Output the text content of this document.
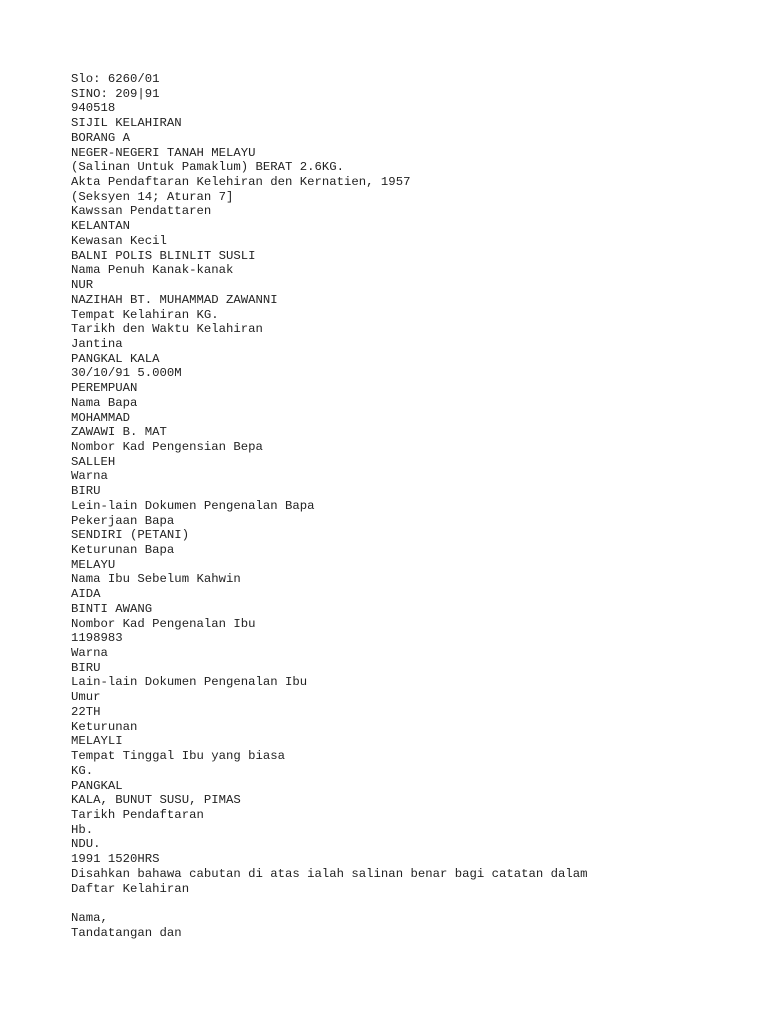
Slo: 6260/01
SINO: 209|91
940518
SIJIL KELAHIRAN
BORANG A
NEGER-NEGERI TANAH MELAYU
(Salinan Untuk Pamaklum) BERAT 2.6KG.
Akta Pendaftaran Kelehiran den Kernatien, 1957
(Seksyen 14; Aturan 7]
Kawssan Pendattaren
KELANTAN
Kewasan Kecil
BALNI POLIS BLINLIT SUSLI
Nama Penuh Kanak-kanak
NUR
NAZIHAH BT. MUHAMMAD ZAWANNI
Tempat Kelahiran KG.
Tarikh den Waktu Kelahiran
Jantina
PANGKAL KALA
30/10/91 5.000M
PEREMPUAN
Nama Bapa
MOHAMMAD
ZAWAWI B. MAT
Nombor Kad Pengensian Bepa
SALLEH
Warna
BIRU
Lein-lain Dokumen Pengenalan Bapa
Pekerjaan Bapa
SENDIRI (PETANI)
Keturunan Bapa
MELAYU
Nama Ibu Sebelum Kahwin
AIDA
BINTI AWANG
Nombor Kad Pengenalan Ibu
1198983
Warna
BIRU
Lain-lain Dokumen Pengenalan Ibu
Umur
22TH
Keturunan
MELAYLI
Tempat Tinggal Ibu yang biasa
KG.
PANGKAL
KALA, BUNUT SUSU, PIMAS
Tarikh Pendaftaran
Hb.
NDU.
1991 1520HRS
Disahkan bahawa cabutan di atas ialah salinan benar bagi catatan dalam
Daftar Kelahiran
Nama,
Tandatangan dan
